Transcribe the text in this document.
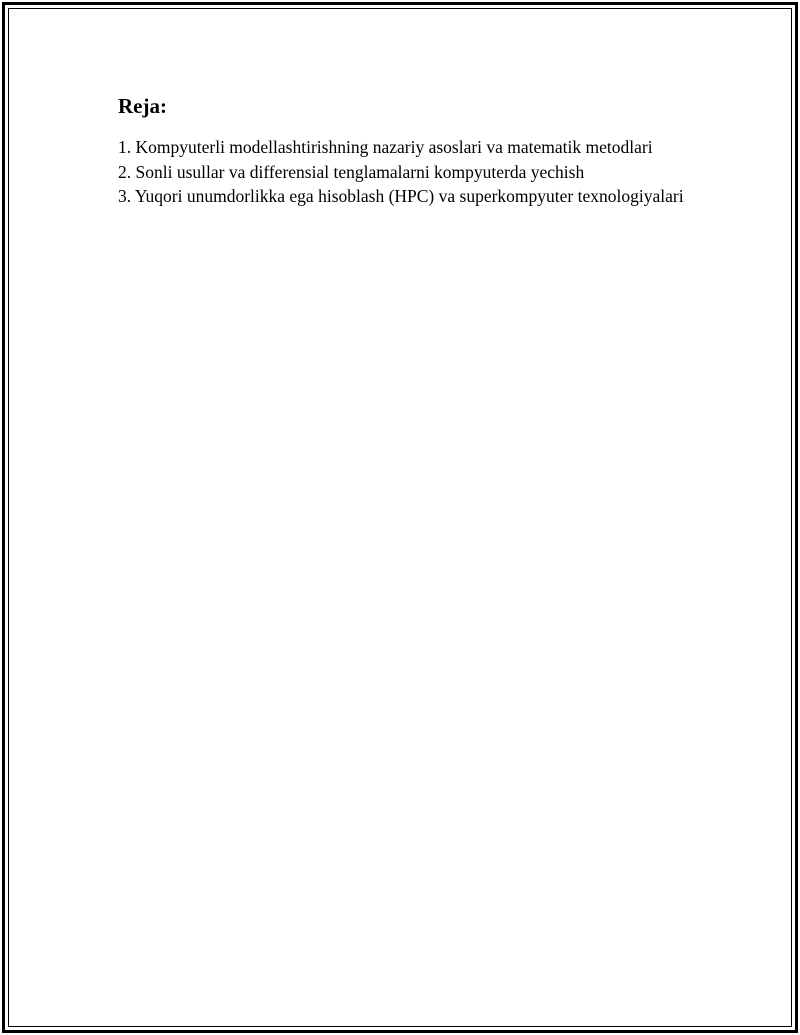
Reja:
1. Kompyuterli modellashtirishning nazariy asoslari va matematik metodlari
2. Sonli usullar va differensial tenglamalarni kompyuterda yechish
3. Yuqori unumdorlikka ega hisoblash (HPC) va superkompyuter texnologiyalari
